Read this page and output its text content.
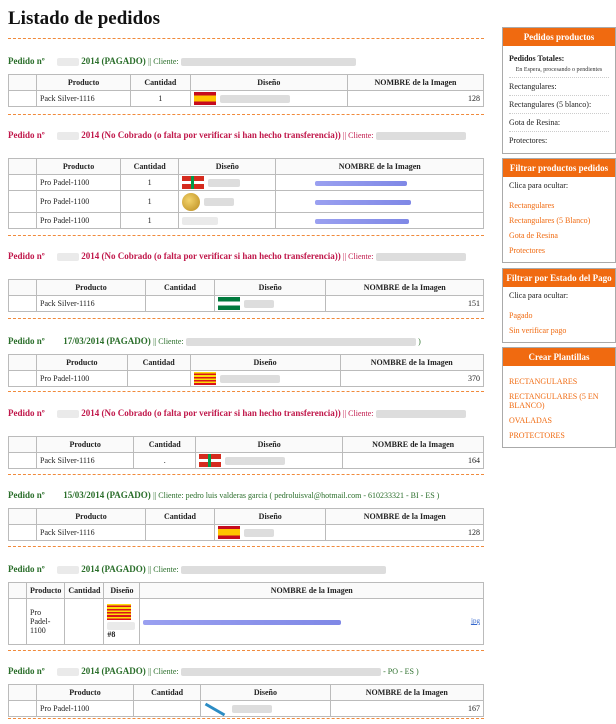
Listado de pedidos
Pedido nº	2014 (PAGADO) || Cliente:
	Producto	Cantidad	Diseño	NOMBRE de la Imagen
	Pack Silver-1116	1		128
Pedido nº	2014 (No Cobrado (o falta por verificar si han hecho transferencia)) || Cliente:
	Producto	Cantidad	Diseño	NOMBRE de la Imagen
	Pro Padel-1100	1		
	Pro Padel-1100	1		
	Pro Padel-1100	1		
Pedido nº	2014 (No Cobrado (o falta por verificar si han hecho transferencia)) || Cliente:
	Producto	Cantidad	Diseño	NOMBRE de la Imagen
	Pack Silver-1116			151
Pedido nº 17/03/2014 (PAGADO) || Cliente:	)
	Producto	Cantidad	Diseño	NOMBRE de la Imagen
	Pro Padel-1100			370
Pedido nº	2014 (No Cobrado (o falta por verificar si han hecho transferencia)) || Cliente:
	Producto	Cantidad	Diseño	NOMBRE de la Imagen
	Pack Silver-1116	.		164
Pedido nº 15/03/2014 (PAGADO) || Cliente: pedro luis valderas garcia ( pedroluisval@hotmail.com - 610233321 - BI - ES )
	Producto	Cantidad	Diseño	NOMBRE de la Imagen
	Pack Silver-1116			128
Pedido nº	2014 (PAGADO) || Cliente:
	Producto	Cantidad	Diseño	NOMBRE de la Imagen
	Pro Padel-1100		#8	jpg
Pedido nº	2014 (PAGADO) || Cliente:	- PO - ES )
	Producto	Cantidad	Diseño	NOMBRE de la Imagen
	Pro Padel-1100			167
Pedidos productos
Pedidos Totales:
En Espera, procesando o pendientes
Rectangulares:
Rectangulares (5 blanco):
Gota de Resina:
Protectores:
Filtrar productos pedidos
Clica para ocultar:
Rectangulares
Rectangulares (5 Blanco)
Gota de Resina
Protectores
Filtrar por Estado del Pago
Clica para ocultar:
Pagado
Sin verificar pago
Crear Plantillas
RECTANGULARES
RECTANGULARES (5 EN BLANCO)
OVALADAS
PROTECTORES
